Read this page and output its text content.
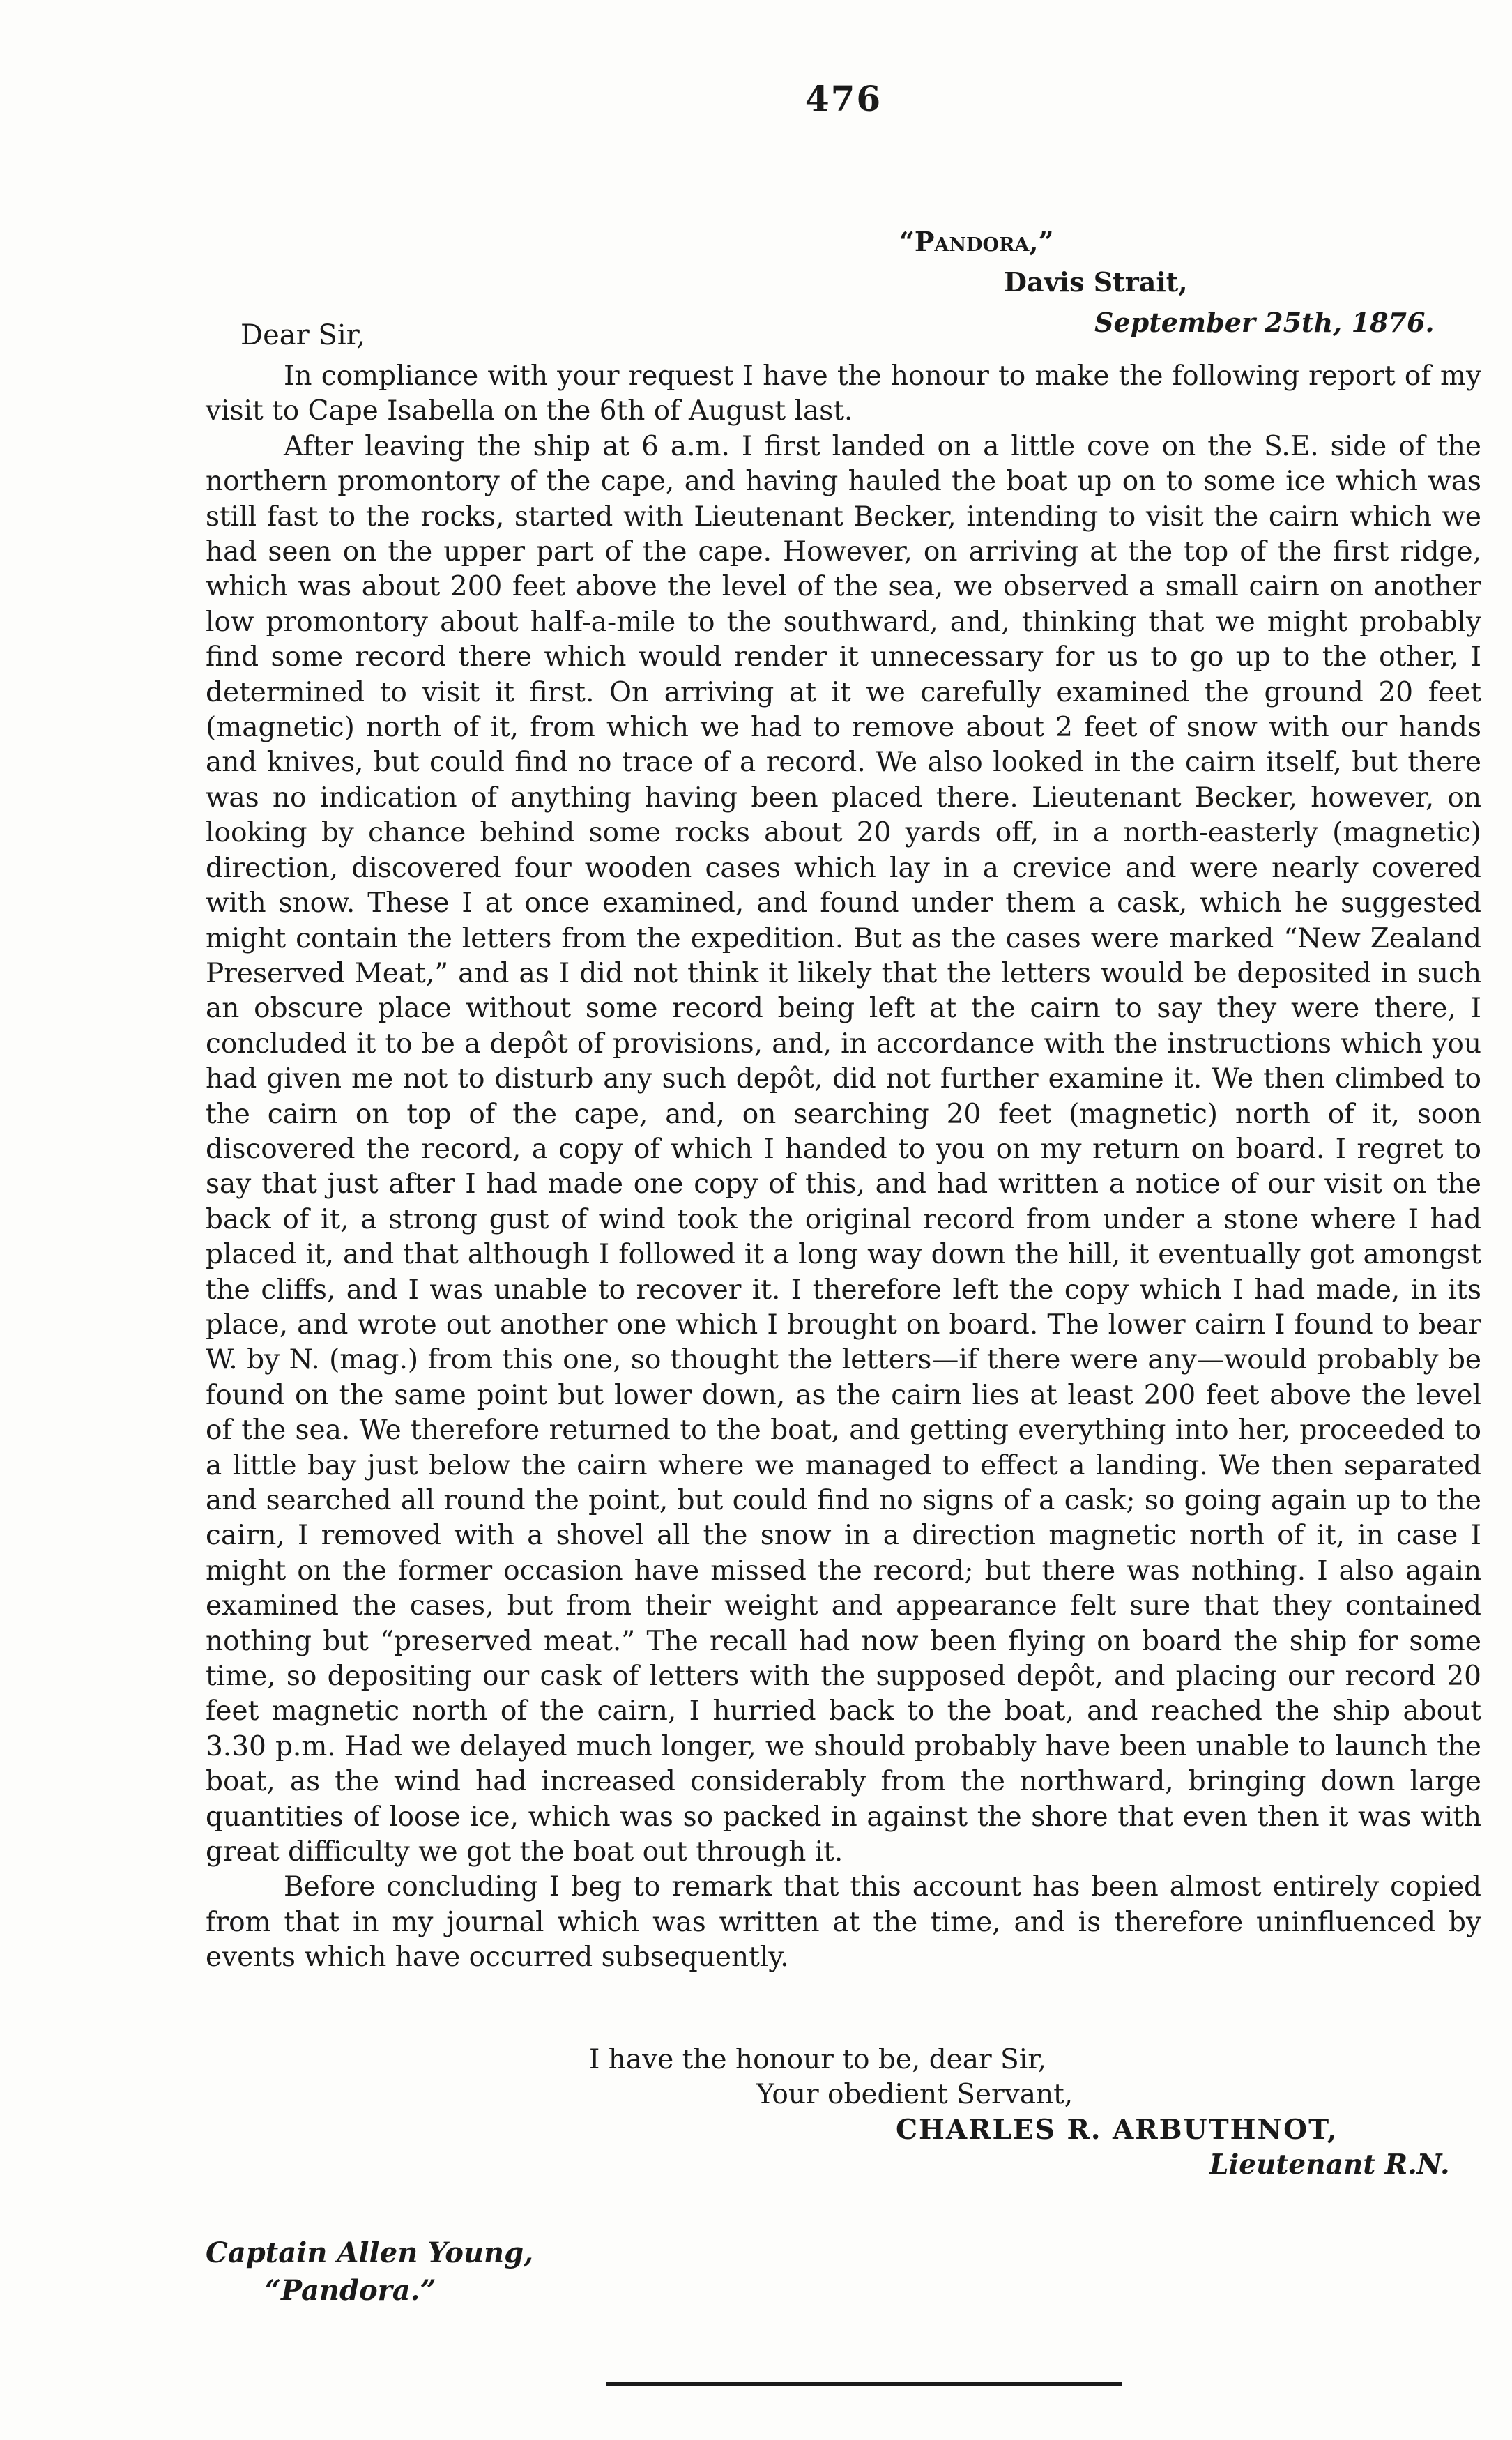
476
“Pandora,”
Davis Strait,
September 25th, 1876.
Dear Sir,

In compliance with your request I have the honour to make the following report of my visit to Cape Isabella on the 6th of August last.

After leaving the ship at 6 a.m. I first landed on a little cove on the S.E. side of the northern promontory of the cape, and having hauled the boat up on to some ice which was still fast to the rocks, started with Lieutenant Becker, intending to visit the cairn which we had seen on the upper part of the cape. However, on arriving at the top of the first ridge, which was about 200 feet above the level of the sea, we observed a small cairn on another low promontory about half-a-mile to the southward, and, thinking that we might probably find some record there which would render it unnecessary for us to go up to the other, I determined to visit it first. On arriving at it we carefully examined the ground 20 feet (magnetic) north of it, from which we had to remove about 2 feet of snow with our hands and knives, but could find no trace of a record. We also looked in the cairn itself, but there was no indication of anything having been placed there. Lieutenant Becker, however, on looking by chance behind some rocks about 20 yards off, in a north-easterly (magnetic) direction, discovered four wooden cases which lay in a crevice and were nearly covered with snow. These I at once examined, and found under them a cask, which he suggested might contain the letters from the expedition. But as the cases were marked “New Zealand Preserved Meat,” and as I did not think it likely that the letters would be deposited in such an obscure place without some record being left at the cairn to say they were there, I concluded it to be a depôt of provisions, and, in accordance with the instructions which you had given me not to disturb any such depôt, did not further examine it. We then climbed to the cairn on top of the cape, and, on searching 20 feet (magnetic) north of it, soon discovered the record, a copy of which I handed to you on my return on board. I regret to say that just after I had made one copy of this, and had written a notice of our visit on the back of it, a strong gust of wind took the original record from under a stone where I had placed it, and that although I followed it a long way down the hill, it eventually got amongst the cliffs, and I was unable to recover it. I therefore left the copy which I had made, in its place, and wrote out another one which I brought on board. The lower cairn I found to bear W. by N. (mag.) from this one, so thought the letters—if there were any—would probably be found on the same point but lower down, as the cairn lies at least 200 feet above the level of the sea. We therefore returned to the boat, and getting everything into her, proceeded to a little bay just below the cairn where we managed to effect a landing. We then separated and searched all round the point, but could find no signs of a cask; so going again up to the cairn, I removed with a shovel all the snow in a direction magnetic north of it, in case I might on the former occasion have missed the record; but there was nothing. I also again examined the cases, but from their weight and appearance felt sure that they contained nothing but “preserved meat.” The recall had now been flying on board the ship for some time, so depositing our cask of letters with the supposed depôt, and placing our record 20 feet magnetic north of the cairn, I hurried back to the boat, and reached the ship about 3.30 p.m. Had we delayed much longer, we should probably have been unable to launch the boat, as the wind had increased considerably from the northward, bringing down large quantities of loose ice, which was so packed in against the shore that even then it was with great difficulty we got the boat out through it.

Before concluding I beg to remark that this account has been almost entirely copied from that in my journal which was written at the time, and is therefore uninfluenced by events which have occurred subsequently.

I have the honour to be, dear Sir,
Your obedient Servant,
CHARLES R. ARBUTHNOT,
Lieutenant R.N.
Captain Allen Young,
“Pandora.”
